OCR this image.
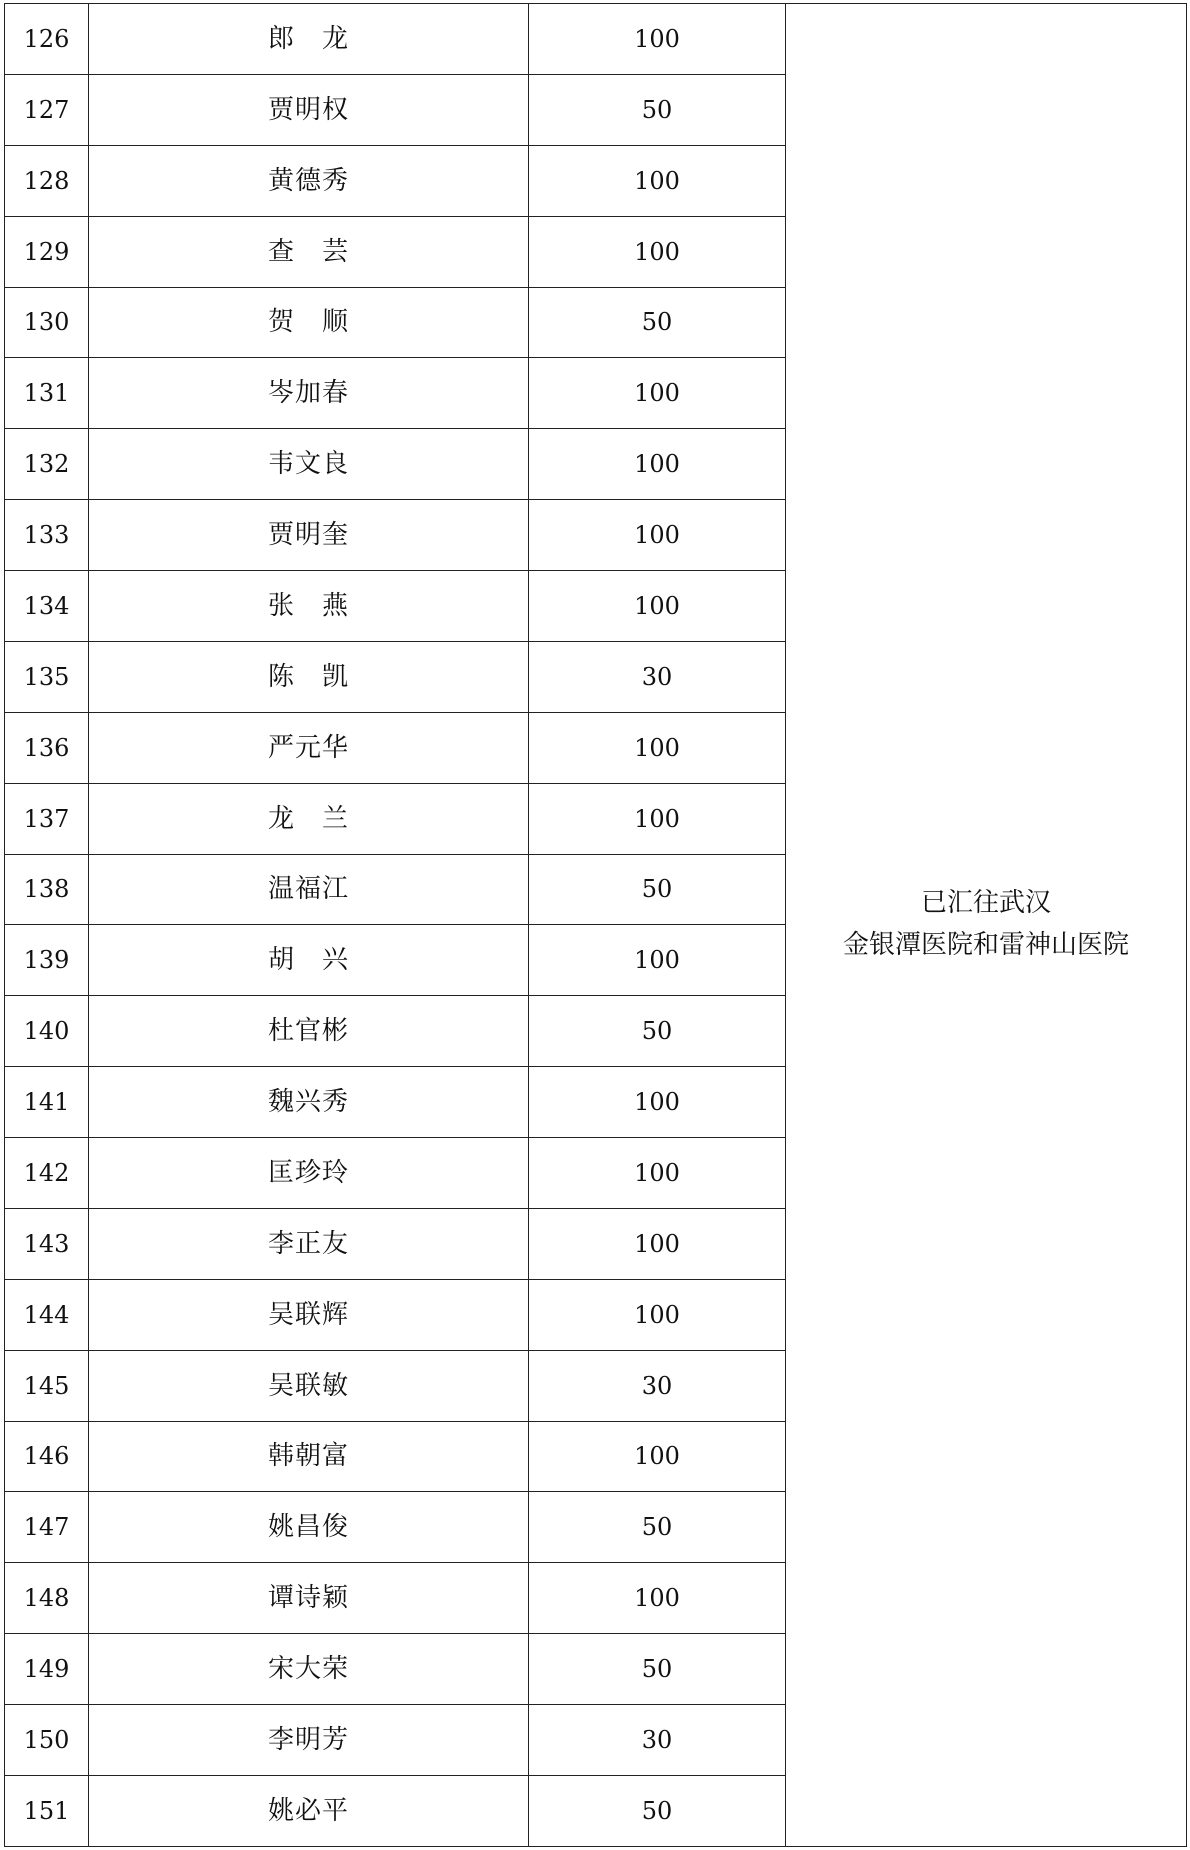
126	郎　龙	100	已汇往武汉
金银潭医院和雷神山医院

127	贾明权	50	
128	黄德秀	100	
129	查　芸	100	
130	贺　顺	50	
131	岑加春	100	
132	韦文良	100	
133	贾明奎	100	
134	张　燕	100	
135	陈　凯	30	
136	严元华	100	
137	龙　兰	100	
138	温福江	50	
139	胡　兴	100	
140	杜官彬	50	
141	魏兴秀	100	
142	匡珍玲	100	
143	李正友	100	
144	吴联辉	100	
145	吴联敏	30	
146	韩朝富	100	
147	姚昌俊	50	
148	谭诗颖	100	
149	宋大荣	50	
150	李明芳	30	
151	姚必平	50	
